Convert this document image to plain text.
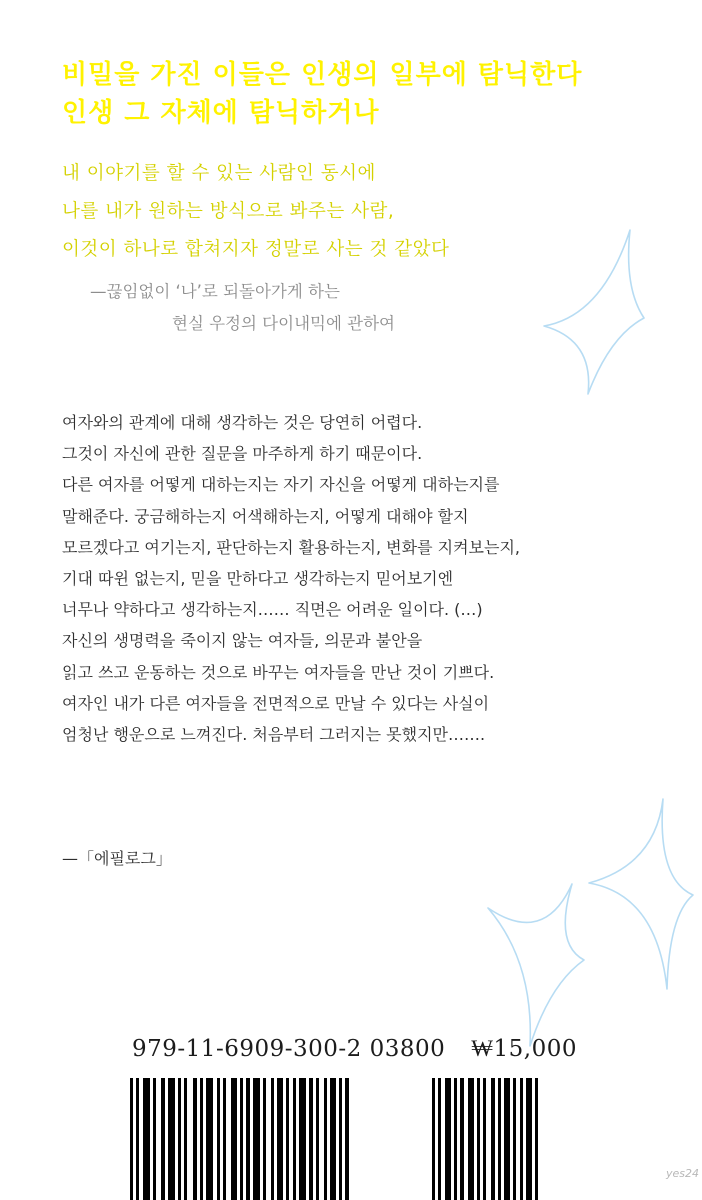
비밀을 가진 이들은 인생의 일부에 탐닉한다
인생 그 자체에 탐닉하거나
내 이야기를 할 수 있는 사람인 동시에
나를 내가 원하는 방식으로 봐주는 사람,
이것이 하나로 합쳐지자 정말로 사는 것 같았다
—끊임없이 ‘나’로 되돌아가게 하는
현실 우정의 다이내믹에 관하여
여자와의 관계에 대해 생각하는 것은 당연히 어렵다.
그것이 자신에 관한 질문을 마주하게 하기 때문이다.
다른 여자를 어떻게 대하는지는 자기 자신을 어떻게 대하는지를
말해준다. 궁금해하는지 어색해하는지, 어떻게 대해야 할지
모르겠다고 여기는지, 판단하는지 활용하는지, 변화를 지켜보는지,
기대 따윈 없는지, 믿을 만하다고 생각하는지 믿어보기엔
너무나 약하다고 생각하는지…… 직면은 어려운 일이다. (…)
자신의 생명력을 죽이지 않는 여자들, 의문과 불안을
읽고 쓰고 운동하는 것으로 바꾸는 여자들을 만난 것이 기쁘다.
여자인 내가 다른 여자들을 전면적으로 만날 수 있다는 사실이
엄청난 행운으로 느껴진다. 처음부터 그러지는 못했지만…….
—「에필로그」
979-11-6909-300-2 03800 ₩15,000
yes24
